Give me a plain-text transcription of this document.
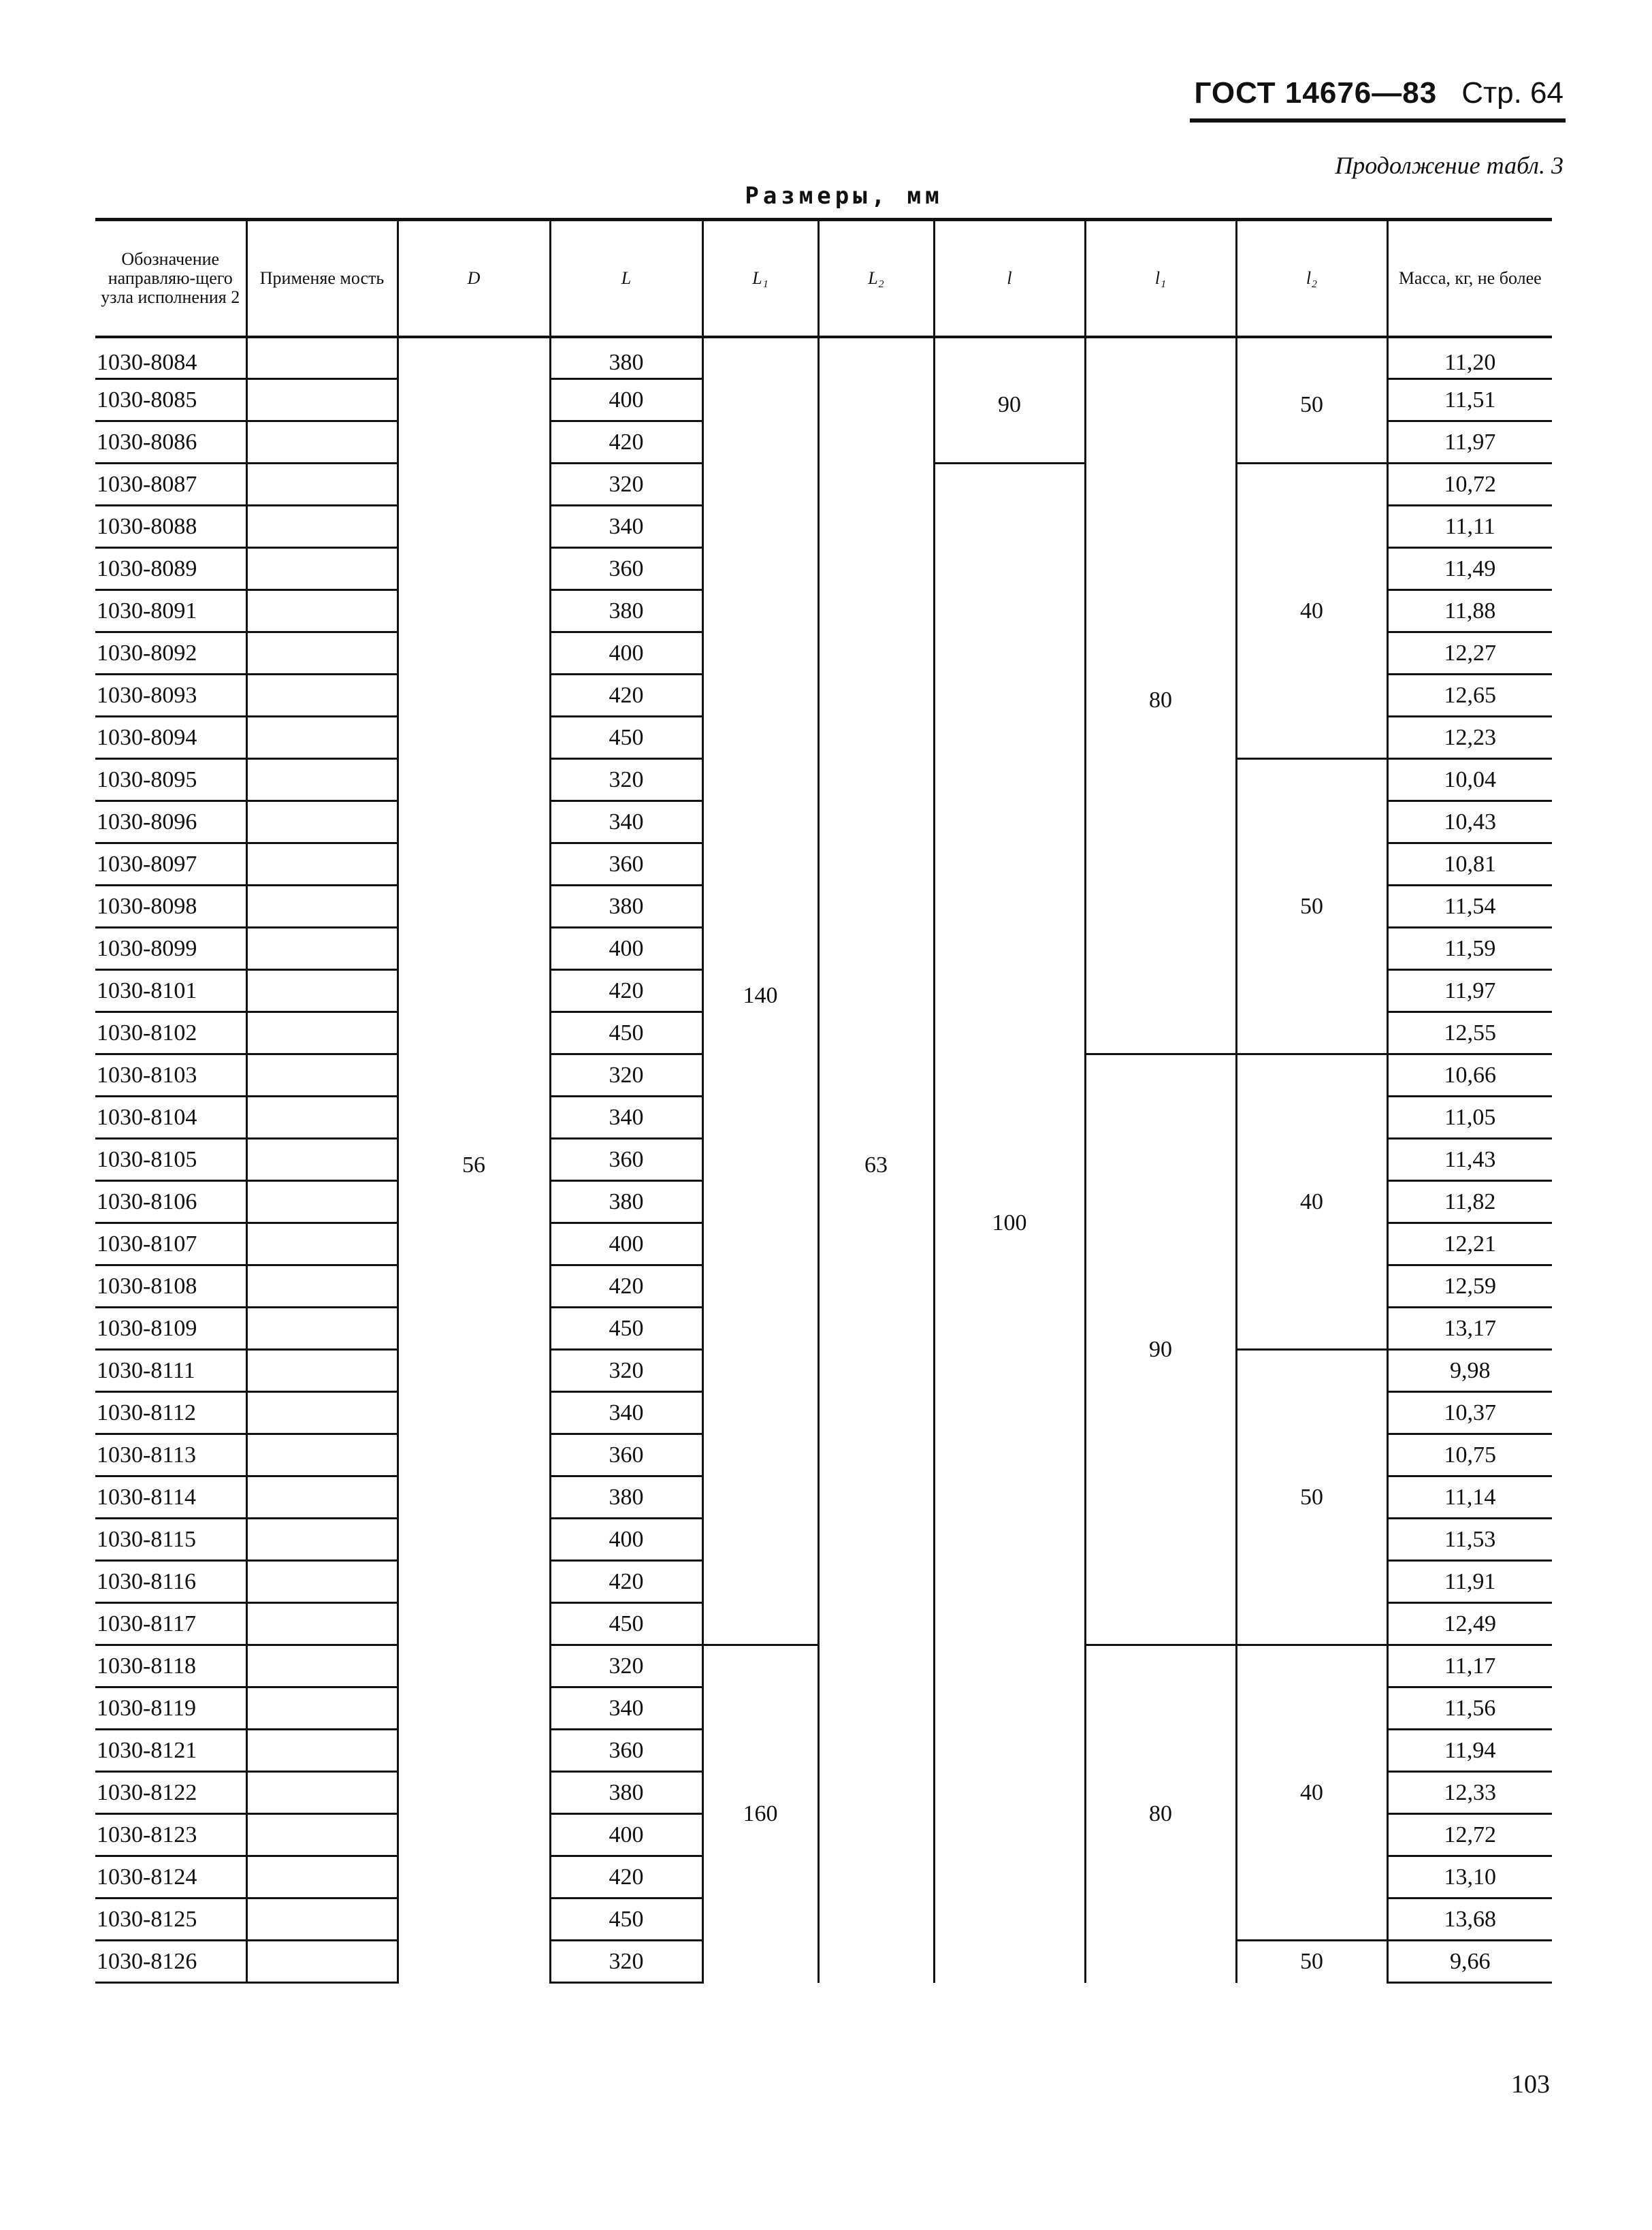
ГОСТ 14676—83 Стр. 64
Продолжение табл. 3
Размеры, мм
Обозначение направляю-щего узла исполнения 2	Применяе мость	D	L	L₁	L₂	l	l₁	l₂	Масса, кг, не более
1030-8084		56	380	140	63	90	80	50	11,20
1030-8085			400						11,51
1030-8086			420						11,97
1030-8087			320			100		40	10,72
1030-8088			340						11,11
1030-8089			360						11,49
1030-8091			380						11,88
1030-8092			400						12,27
1030-8093			420						12,65
1030-8094			450						12,23
1030-8095			320					50	10,04
1030-8096			340						10,43
1030-8097			360						10,81
1030-8098			380						11,54
1030-8099			400						11,59
1030-8101			420						11,97
1030-8102			450						12,55
1030-8103			320				90	40	10,66
1030-8104			340						11,05
1030-8105			360						11,43
1030-8106			380						11,82
1030-8107			400						12,21
1030-8108			420						12,59
1030-8109			450						13,17
1030-8111			320					50	9,98
1030-8112			340						10,37
1030-8113			360						10,75
1030-8114			380						11,14
1030-8115			400						11,53
1030-8116			420						11,91
1030-8117			450						12,49
1030-8118			320	160			80	40	11,17
1030-8119			340						11,56
1030-8121			360						11,94
1030-8122			380						12,33
1030-8123			400						12,72
1030-8124			420						13,10
1030-8125			450						13,68
1030-8126			320					50	9,66
103
